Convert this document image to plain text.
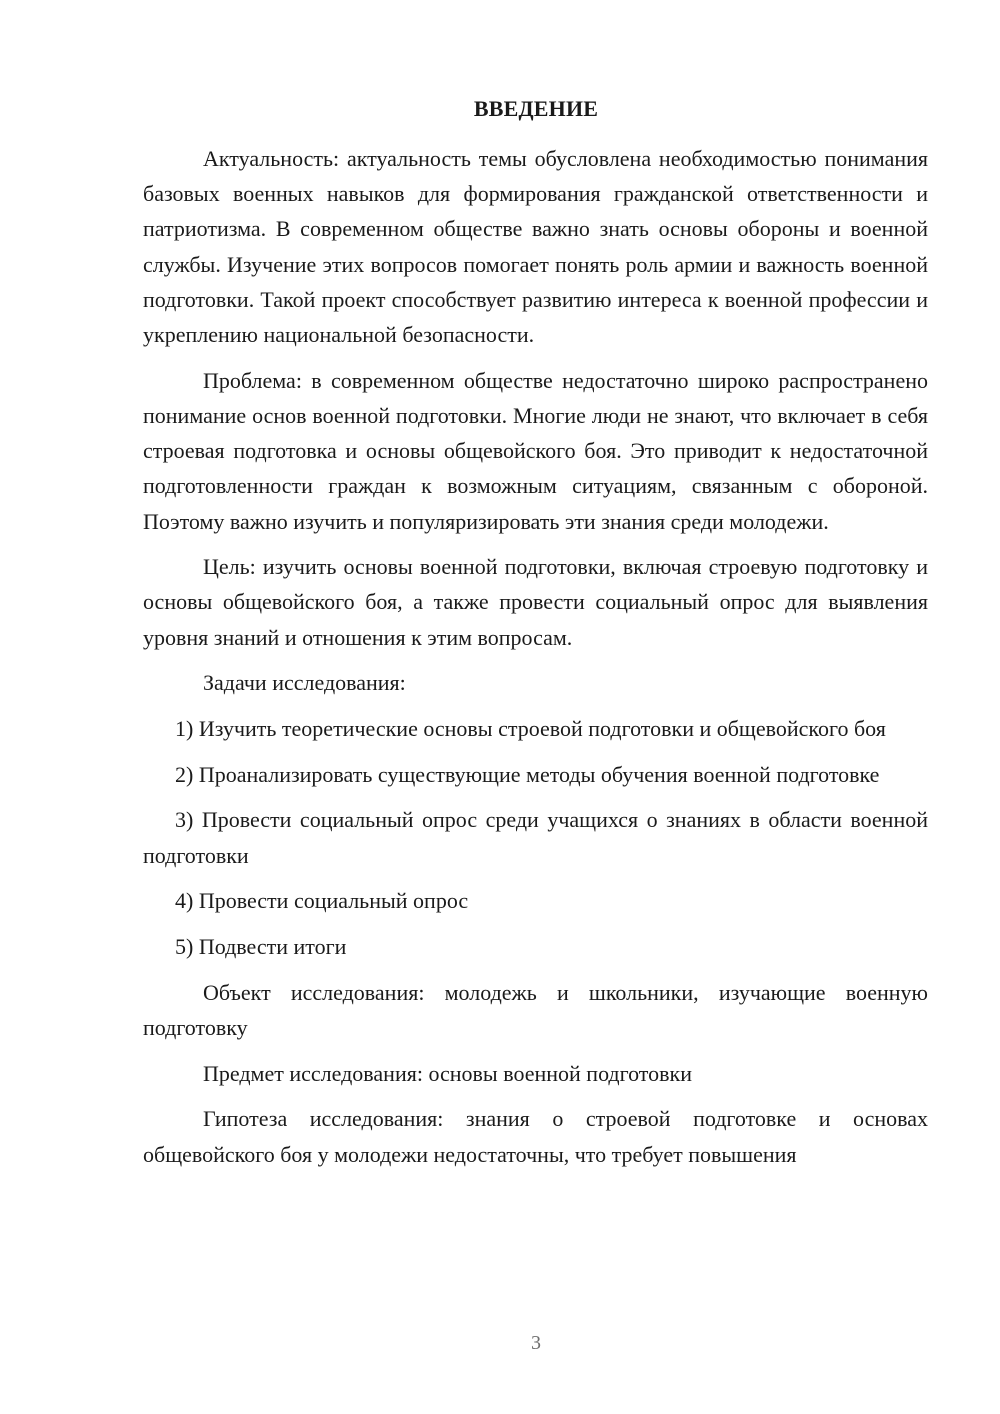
ВВЕДЕНИЕ

Актуальность: актуальность темы обусловлена необходимостью понимания базовых военных навыков для формирования гражданской ответственности и патриотизма. В современном обществе важно знать основы обороны и военной службы. Изучение этих вопросов помогает понять роль армии и важность военной подготовки. Такой проект способствует развитию интереса к военной профессии и укреплению национальной безопасности.

Проблема: в современном обществе недостаточно широко распространено понимание основ военной подготовки. Многие люди не знают, что включает в себя строевая подготовка и основы общевойского боя. Это приводит к недостаточной подготовленности граждан к возможным ситуациям, связанным с обороной. Поэтому важно изучить и популяризировать эти знания среди молодежи.

Цель: изучить основы военной подготовки, включая строевую подготовку и основы общевойского боя, а также провести социальный опрос для выявления уровня знаний и отношения к этим вопросам.

Задачи исследования:

1) Изучить теоретические основы строевой подготовки и общевойского боя

2) Проанализировать существующие методы обучения военной подготовке

3) Провести социальный опрос среди учащихся о знаниях в области военной подготовки

4) Провести социальный опрос

5) Подвести итоги

Объект исследования: молодежь и школьники, изучающие военную подготовку

Предмет исследования: основы военной подготовки

Гипотеза исследования: знания о строевой подготовке и основах общевойского боя у молодежи недостаточны, что требует повышения

3
